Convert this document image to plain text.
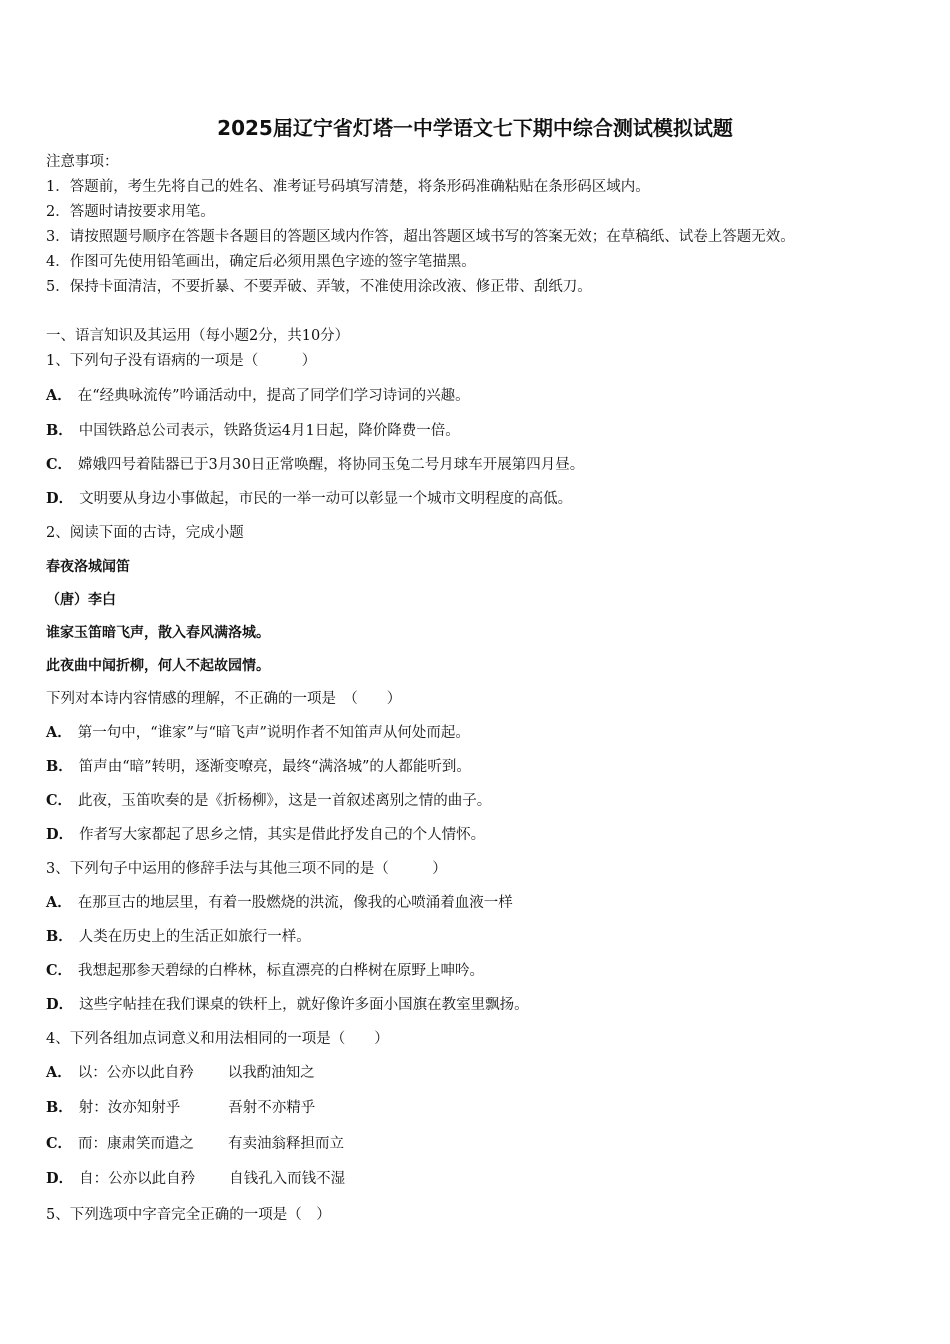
2025届辽宁省灯塔一中学语文七下期中综合测试模拟试题
注意事项：
1．答题前，考生先将自己的姓名、准考证号码填写清楚，将条形码准确粘贴在条形码区域内。
2．答题时请按要求用笔。
3．请按照题号顺序在答题卡各题目的答题区域内作答，超出答题区域书写的答案无效；在草稿纸、试卷上答题无效。
4．作图可先使用铅笔画出，确定后必须用黑色字迹的签字笔描黑。
5．保持卡面清洁，不要折暴、不要弄破、弄皱，不准使用涂改液、修正带、刮纸刀。
一、语言知识及其运用（每小题2分，共10分）
1、下列句子没有语病的一项是（　　　）
A． 在“经典咏流传”吟诵活动中，提高了同学们学习诗词的兴趣。
B． 中国铁路总公司表示，铁路货运4月1日起，降价降费一倍。
C． 嫦娥四号着陆器已于3月30日正常唤醒，将协同玉兔二号月球车开展第四月昼。
D． 文明要从身边小事做起，市民的一举一动可以彰显一个城市文明程度的高低。
2、阅读下面的古诗，完成小题
春夜洛城闻笛
（唐）李白
谁家玉笛暗飞声，散入春风满洛城。
此夜曲中闻折柳，何人不起故园情。
下列对本诗内容情感的理解，不正确的一项是　（　　）
A． 第一句中，“谁家”与“暗飞声”说明作者不知笛声从何处而起。
B． 笛声由“暗”转明，逐渐变嘹亮，最终“满洛城”的人都能听到。
C． 此夜，玉笛吹奏的是《折杨柳》，这是一首叙述离别之情的曲子。
D． 作者写大家都起了思乡之情，其实是借此抒发自己的个人情怀。
3、下列句子中运用的修辞手法与其他三项不同的是（　　　）
A． 在那亘古的地层里，有着一股燃烧的洪流，像我的心喷涌着血液一样
B． 人类在历史上的生活正如旅行一样。
C． 我想起那参天碧绿的白桦林，标直漂亮的白桦树在原野上呻吟。
D． 这些字帖挂在我们课桌的铁杆上，就好像许多面小国旗在教室里飘扬。
4、下列各组加点词意义和用法相同的一项是（　　）
A． 以：公亦以此自矜 以我酌油知之
B． 射：汝亦知射乎	吾射不亦精乎
C． 而：康肃笑而遣之 有卖油翁释担而立
D． 自：公亦以此自矜 自钱孔入而钱不湿
5、下列选项中字音完全正确的一项是（　）
